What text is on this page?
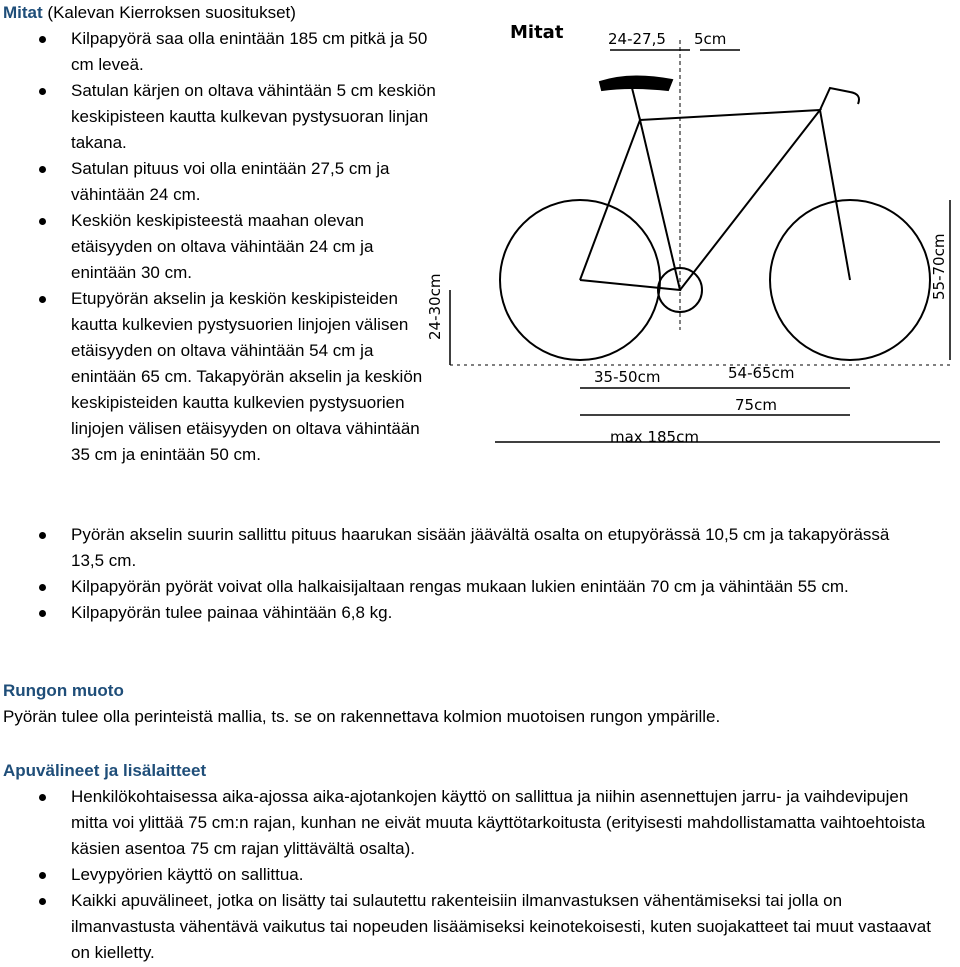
Mitat (Kalevan Kierroksen suositukset)
Kilpapyörä saa olla enintään 185 cm pitkä ja 50 cm leveä.
Satulan kärjen on oltava vähintään 5 cm keskiön keskipisteen kautta kulkevan pystysuoran linjan takana.
Satulan pituus voi olla enintään 27,5 cm ja vähintään 24 cm.
Keskiön keskipisteestä maahan olevan etäisyyden on oltava vähintään 24 cm ja enintään 30 cm.
Etupyörän akselin ja keskiön keskipisteiden kautta kulkevien pystysuorien linjojen välisen etäisyyden on oltava vähintään 54 cm ja enintään 65 cm. Takapyörän akselin ja keskiön keskipisteiden kautta kulkevien pystysuorien linjojen välisen etäisyyden on oltava vähintään 35 cm ja enintään 50 cm.
Pyörän akselin suurin sallittu pituus haarukan sisään jäävältä osalta on etupyörässä 10,5 cm ja takapyörässä 13,5 cm.
Kilpapyörän pyörät voivat olla halkaisijaltaan rengas mukaan lukien enintään 70 cm ja vähintään 55 cm.
Kilpapyörän tulee painaa vähintään 6,8 kg.
Mitat	24-27,5 5cm
24-30cm
55-70cm
35-50cm	54-65cm
75cm
max 185cm
Rungon muoto
Pyörän tulee olla perinteistä mallia, ts. se on rakennettava kolmion muotoisen rungon ympärille.
Apuvälineet ja lisälaitteet
Henkilökohtaisessa aika-ajossa aika-ajotankojen käyttö on sallittua ja niihin asennettujen jarru- ja vaihdevipujen mitta voi ylittää 75 cm:n rajan, kunhan ne eivät muuta käyttötarkoitusta (erityisesti mahdollistamatta vaihtoehtoista käsien asentoa 75 cm rajan ylittävältä osalta).
Levypyörien käyttö on sallittua.
Kaikki apuvälineet, jotka on lisätty tai sulautettu rakenteisiin ilmanvastuksen vähentämiseksi tai jolla on ilmanvastusta vähentävä vaikutus tai nopeuden lisäämiseksi keinotekoisesti, kuten suojakatteet tai muut vastaavat on kielletty.
